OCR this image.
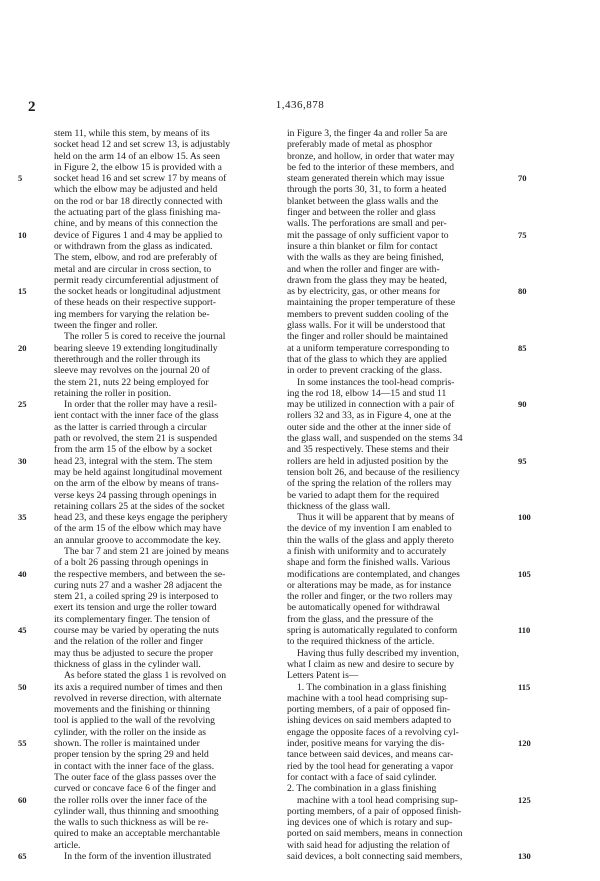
2	1,436,878
stem 11, while this stem, by means of its
socket head 12 and set screw 13, is adjustably
held on the arm 14 of an elbow 15. As seen
in Figure 2, the elbow 15 is provided with a
socket head 16 and set screw 17 by means of
which the elbow may be adjusted and held
on the rod or bar 18 directly connected with
the actuating part of the glass finishing ma-
chine, and by means of this connection the
device of Figures 1 and 4 may be applied to
or withdrawn from the glass as indicated.
The stem, elbow, and rod are preferably of
metal and are circular in cross section, to
permit ready circumferential adjustment of
the socket heads or longitudinal adjustment
of these heads on their respective support-
ing members for varying the relation be-
tween the finger and roller.
The roller 5 is cored to receive the journal
bearing sleeve 19 extending longitudinally
therethrough and the roller through its
sleeve may revolves on the journal 20 of
the stem 21, nuts 22 being employed for
retaining the roller in position.
In order that the roller may have a resil-
ient contact with the inner face of the glass
as the latter is carried through a circular
path or revolved, the stem 21 is suspended
from the arm 15 of the elbow by a socket
head 23, integral with the stem. The stem
may be held against longitudinal movement
on the arm of the elbow by means of trans-
verse keys 24 passing through openings in
retaining collars 25 at the sides of the socket
head 23, and these keys engage the periphery
of the arm 15 of the elbow which may have
an annular groove to accommodate the key.
The bar 7 and stem 21 are joined by means
of a bolt 26 passing through openings in
the respective members, and between the se-
curing nuts 27 and a washer 28 adjacent the
stem 21, a coiled spring 29 is interposed to
exert its tension and urge the roller toward
its complementary finger. The tension of
course may be varied by operating the nuts
and the relation of the roller and finger
may thus be adjusted to secure the proper
thickness of glass in the cylinder wall.
As before stated the glass 1 is revolved on
its axis a required number of times and then
revolved in reverse direction, with alternate
movements and the finishing or thinning
tool is applied to the wall of the revolving
cylinder, with the roller on the inside as
shown. The roller is maintained under
proper tension by the spring 29 and held
in contact with the inner face of the glass.
The outer face of the glass passes over the
curved or concave face 6 of the finger and
the roller rolls over the inner face of the
cylinder wall, thus thinning and smoothing
the walls to such thickness as will be re-
quired to make an acceptable merchantable
article.
In the form of the invention illustrated
in Figure 3, the finger 4a and roller 5a are
preferably made of metal as phosphor
bronze, and hollow, in order that water may
be fed to the interior of these members, and
steam generated therein which may issue
through the ports 30, 31, to form a heated
blanket between the glass walls and the
finger and between the roller and glass
walls. The perforations are small and per-
mit the passage of only sufficient vapor to
insure a thin blanket or film for contact
with the walls as they are being finished,
and when the roller and finger are with-
drawn from the glass they may be heated,
as by electricity, gas, or other means for
maintaining the proper temperature of these
members to prevent sudden cooling of the
glass walls. For it will be understood that
the finger and roller should be maintained
at a uniform temperature corresponding to
that of the glass to which they are applied
in order to prevent cracking of the glass.
In some instances the tool-head compris-
ing the rod 18, elbow 14—15 and stud 11
may be utilized in connection with a pair of
rollers 32 and 33, as in Figure 4, one at the
outer side and the other at the inner side of
the glass wall, and suspended on the stems 34
and 35 respectively. These stems and their
rollers are held in adjusted position by the
tension bolt 26, and because of the resiliency
of the spring the relation of the rollers may
be varied to adapt them for the required
thickness of the glass wall.
Thus it will be apparent that by means of
the device of my invention I am enabled to
thin the walls of the glass and apply thereto
a finish with uniformity and to accurately
shape and form the finished walls. Various
modifications are contemplated, and changes
or alterations may be made, as for instance
the roller and finger, or the two rollers may
be automatically opened for withdrawal
from the glass, and the pressure of the
spring is automatically regulated to conform
to the required thickness of the article.
Having thus fully described my invention,
what I claim as new and desire to secure by
Letters Patent is—
1. The combination in a glass finishing
machine with a tool head comprising sup-
porting members, of a pair of opposed fin-
ishing devices on said members adapted to
engage the opposite faces of a revolving cyl-
inder, positive means for varying the dis-
tance between said devices, and means car-
ried by the tool head for generating a vapor
for contact with a face of said cylinder.
2. The combination in a glass finishing
machine with a tool head comprising sup-
porting members, of a pair of opposed finish-
ing devices one of which is rotary and sup-
ported on said members, means in connection
with said head for adjusting the relation of
said devices, a bolt connecting said members,
5
10
15
20
25
30
35
40
45
50
55
60
65
70
75
80
85
90
95
100
105
110
115
120
125
130
